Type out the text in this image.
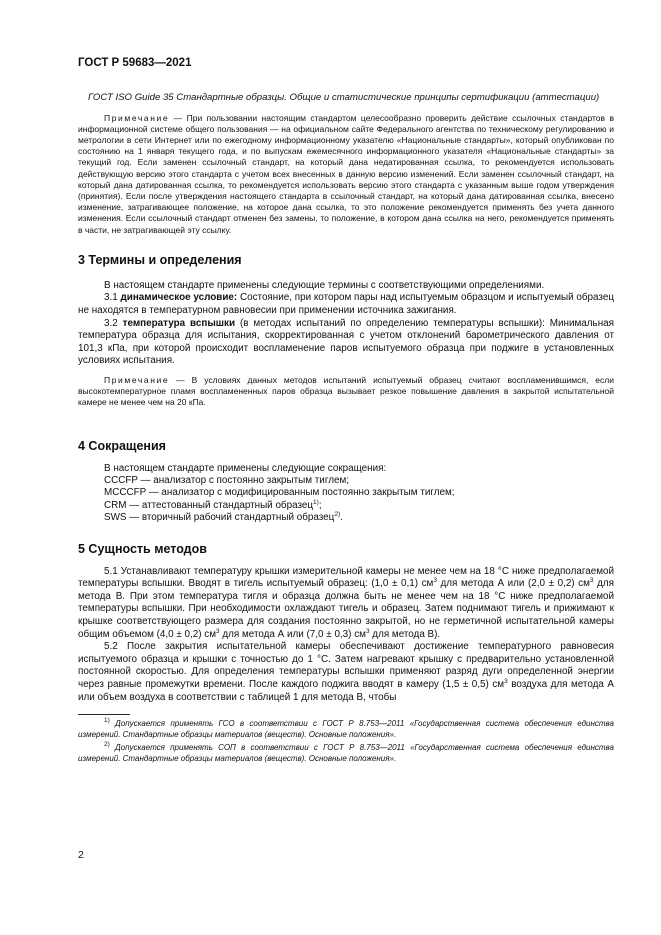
ГОСТ Р 59683—2021

ГОСТ ISO Guide 35 Стандартные образцы. Общие и статистические принципы сертификации (аттестации)

Примечание — При пользовании настоящим стандартом целесообразно проверить действие ссылочных стандартов в информационной системе общего пользования — на официальном сайте Федерального агентства по техническому регулированию и метрологии в сети Интернет или по ежегодному информационному указателю «Национальные стандарты», который опубликован по состоянию на 1 января текущего года, и по выпускам ежемесячного информационного указателя «Национальные стандарты» за текущий год. Если заменен ссылочный стандарт, на который дана недатированная ссылка, то рекомендуется использовать действующую версию этого стандарта с учетом всех внесенных в данную версию изменений. Если заменен ссылочный стандарт, на который дана датированная ссылка, то рекомендуется использовать версию этого стандарта с указанным выше годом утверждения (принятия). Если после утверждения настоящего стандарта в ссылочный стандарт, на который дана датированная ссылка, внесено изменение, затрагивающее положение, на которое дана ссылка, то это положение рекомендуется применять без учета данного изменения. Если ссылочный стандарт отменен без замены, то положение, в котором дана ссылка на него, рекомендуется применять в части, не затрагивающей эту ссылку.

3 Термины и определения

В настоящем стандарте применены следующие термины с соответствующими определениями.

3.1 динамическое условие: Состояние, при котором пары над испытуемым образцом и испытуемый образец не находятся в температурном равновесии при применении источника зажигания.

3.2 температура вспышки (в методах испытаний по определению температуры вспышки): Минимальная температура образца для испытания, скорректированная с учетом отклонений барометрического давления от 101,3 кПа, при которой происходит воспламенение паров испытуемого образца при поджиге в установленных условиях испытания.

Примечание — В условиях данных методов испытаний испытуемый образец считают воспламенившимся, если высокотемпературное пламя воспламененных паров образца вызывает резкое повышение давления в закрытой испытательной камере не менее чем на 20 кПа.

4 Сокращения
В настоящем стандарте применены следующие сокращения:
CCCFP — анализатор с постоянно закрытым тиглем;
MCCCFP — анализатор с модифицированным постоянно закрытым тиглем;
CRM — аттестованный стандартный образец$^{1)}$;
SWS — вторичный рабочий стандартный образец$^{2)}$.
5 Сущность методов

5.1 Устанавливают температуру крышки измерительной камеры не менее чем на 18 °С ниже предполагаемой температуры вспышки. Вводят в тигель испытуемый образец: (1,0 ± 0,1) $см^3$ для метода А или (2,0 ± 0,2) $см^3$ для метода В. При этом температура тигля и образца должна быть не менее чем на 18 °С ниже предполагаемой температуры вспышки. При необходимости охлаждают тигель и образец. Затем поднимают тигель и прижимают к крышке соответствующего размера для создания постоянно закрытой, но не герметичной испытательной камеры общим объемом (4,0 ± 0,2) $см^3$ для метода А или (7,0 ± 0,3) $см^3$ для метода В).

5.2 После закрытия испытательной камеры обеспечивают достижение температурного равновесия испытуемого образца и крышки с точностью до 1 °С. Затем нагревают крышку с предварительно установленной постоянной скоростью. Для определения температуры вспышки применяют разряд дуги определенной энергии через равные промежутки времени. После каждого поджига вводят в камеру (1,5 ± 0,5) $см^3$ воздуха для метода А или объем воздуха в соответствии с таблицей 1 для метода В, чтобы

$^{1)}$ Допускается применять ГСО в соответствии с ГОСТ Р 8.753—2011 «Государственная система обеспечения единства измерений. Стандартные образцы материалов (веществ). Основные положения».

$^{2)}$ Допускается применять СОП в соответствии с ГОСТ Р 8.753—2011 «Государственная система обеспечения единства измерений. Стандартные образцы материалов (веществ). Основные положения».

2
